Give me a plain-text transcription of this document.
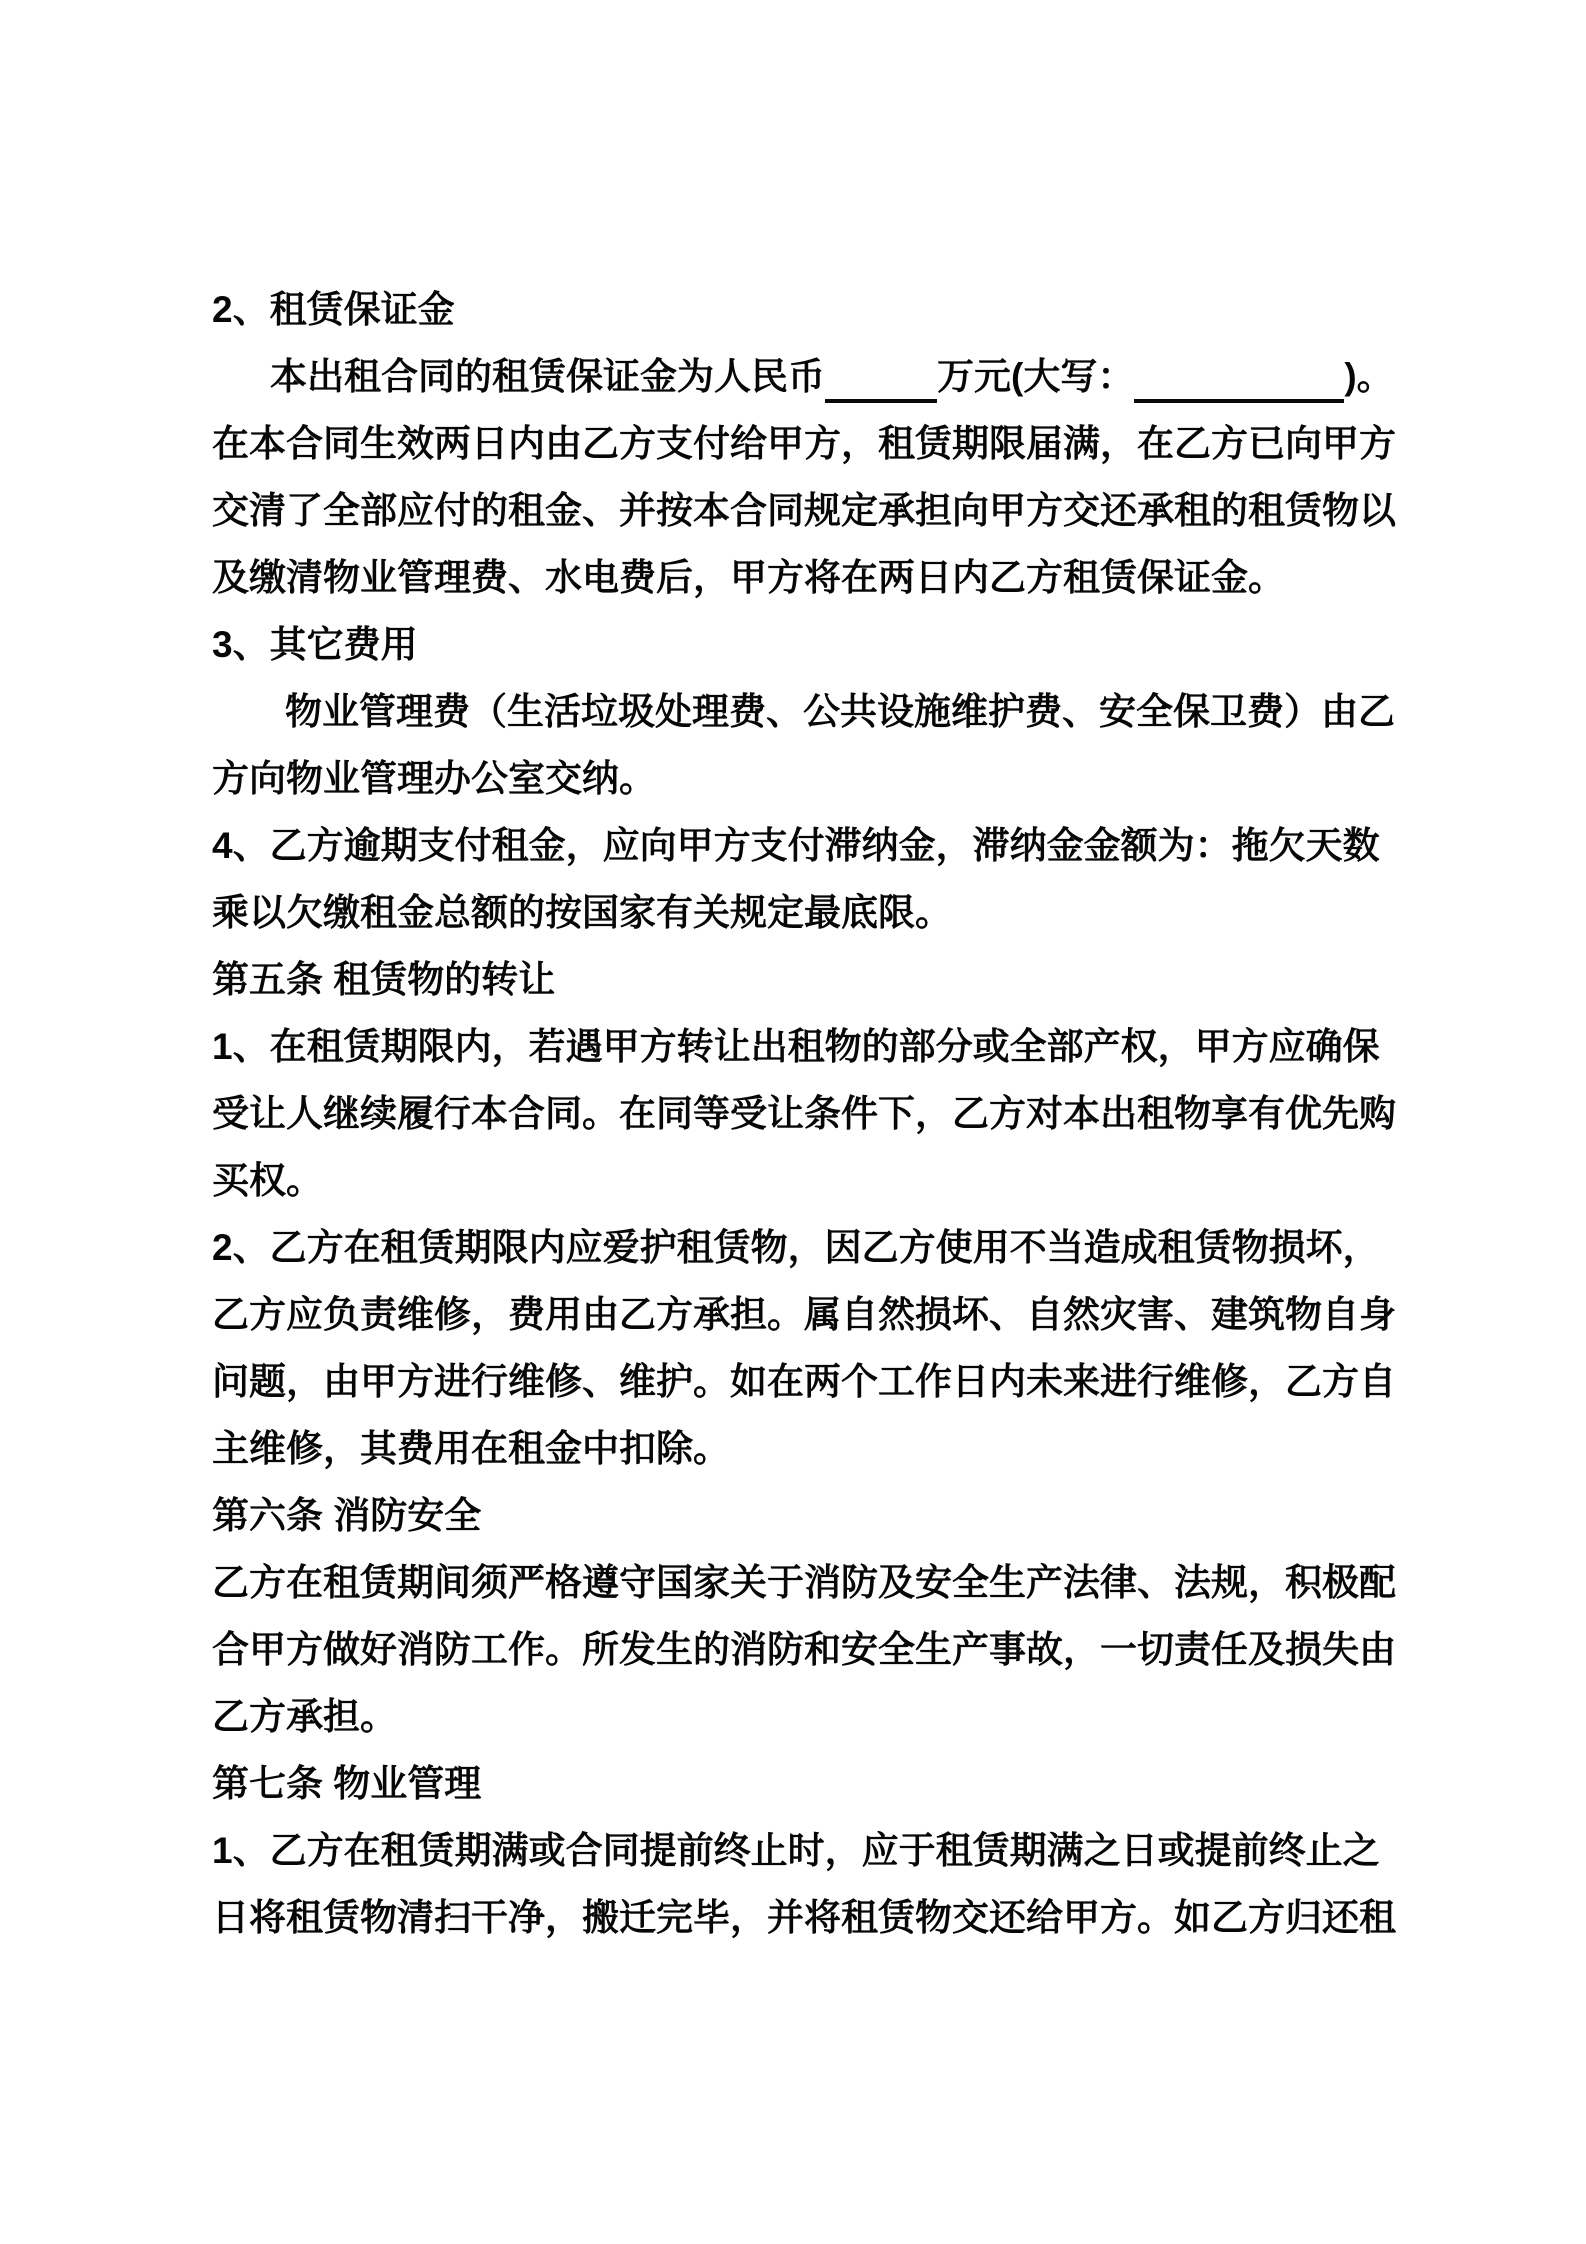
2、租赁保证金
本出租合同的租赁保证金为人民币	万元(大写：	)。
在本合同生效两日内由乙方支付给甲方，租赁期限届满，在乙方已向甲方
交清了全部应付的租金、并按本合同规定承担向甲方交还承租的租赁物以
及缴清物业管理费、水电费后，甲方将在两日内乙方租赁保证金。
3、其它费用
物业管理费（生活垃圾处理费、公共设施维护费、安全保卫费）由乙
方向物业管理办公室交纳。
4、乙方逾期支付租金，应向甲方支付滞纳金，滞纳金金额为：拖欠天数
乘以欠缴租金总额的按国家有关规定最底限。
第五条 租赁物的转让
1、在租赁期限内，若遇甲方转让出租物的部分或全部产权，甲方应确保
受让人继续履行本合同。在同等受让条件下，乙方对本出租物享有优先购
买权。
2、乙方在租赁期限内应爱护租赁物，因乙方使用不当造成租赁物损坏，
乙方应负责维修，费用由乙方承担。属自然损坏、自然灾害、建筑物自身
问题，由甲方进行维修、维护。如在两个工作日内未来进行维修，乙方自
主维修，其费用在租金中扣除。
第六条 消防安全
乙方在租赁期间须严格遵守国家关于消防及安全生产法律、法规，积极配
合甲方做好消防工作。所发生的消防和安全生产事故，一切责任及损失由
乙方承担。
第七条 物业管理
1、乙方在租赁期满或合同提前终止时，应于租赁期满之日或提前终止之
日将租赁物清扫干净，搬迁完毕，并将租赁物交还给甲方。如乙方归还租
